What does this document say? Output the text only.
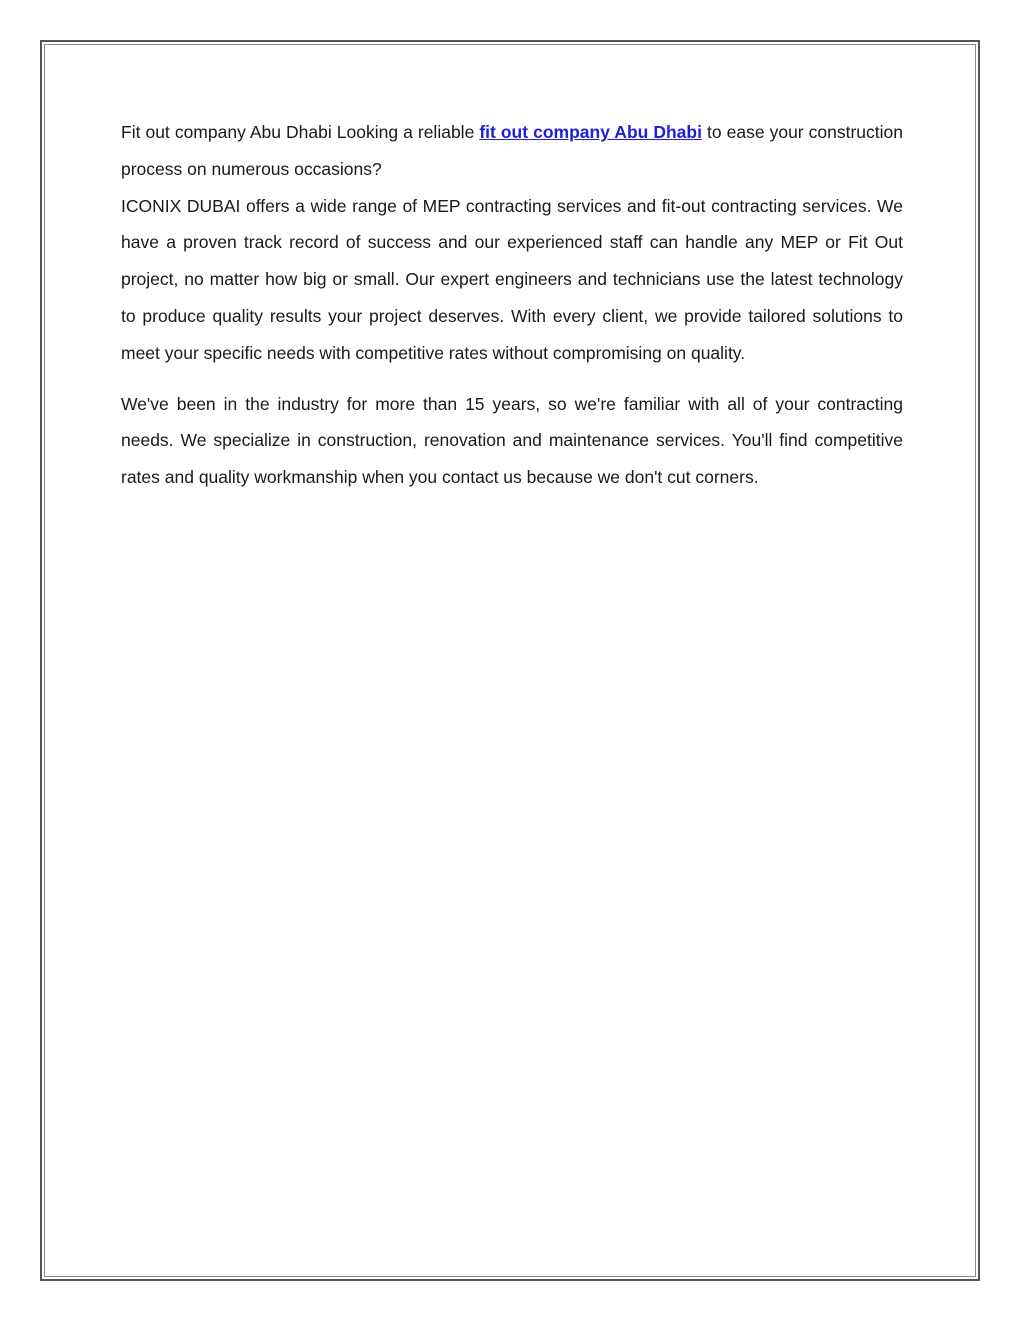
Fit out company Abu Dhabi Looking a reliable fit out company Abu Dhabi to ease your construction process on numerous occasions?

ICONIX DUBAI offers a wide range of MEP contracting services and fit-out contracting services. We have a proven track record of success and our experienced staff can handle any MEP or Fit Out project, no matter how big or small. Our expert engineers and technicians use the latest technology to produce quality results your project deserves. With every client, we provide tailored solutions to meet your specific needs with competitive rates without compromising on quality.

We've been in the industry for more than 15 years, so we're familiar with all of your contracting needs. We specialize in construction, renovation and maintenance services. You'll find competitive rates and quality workmanship when you contact us because we don't cut corners.
